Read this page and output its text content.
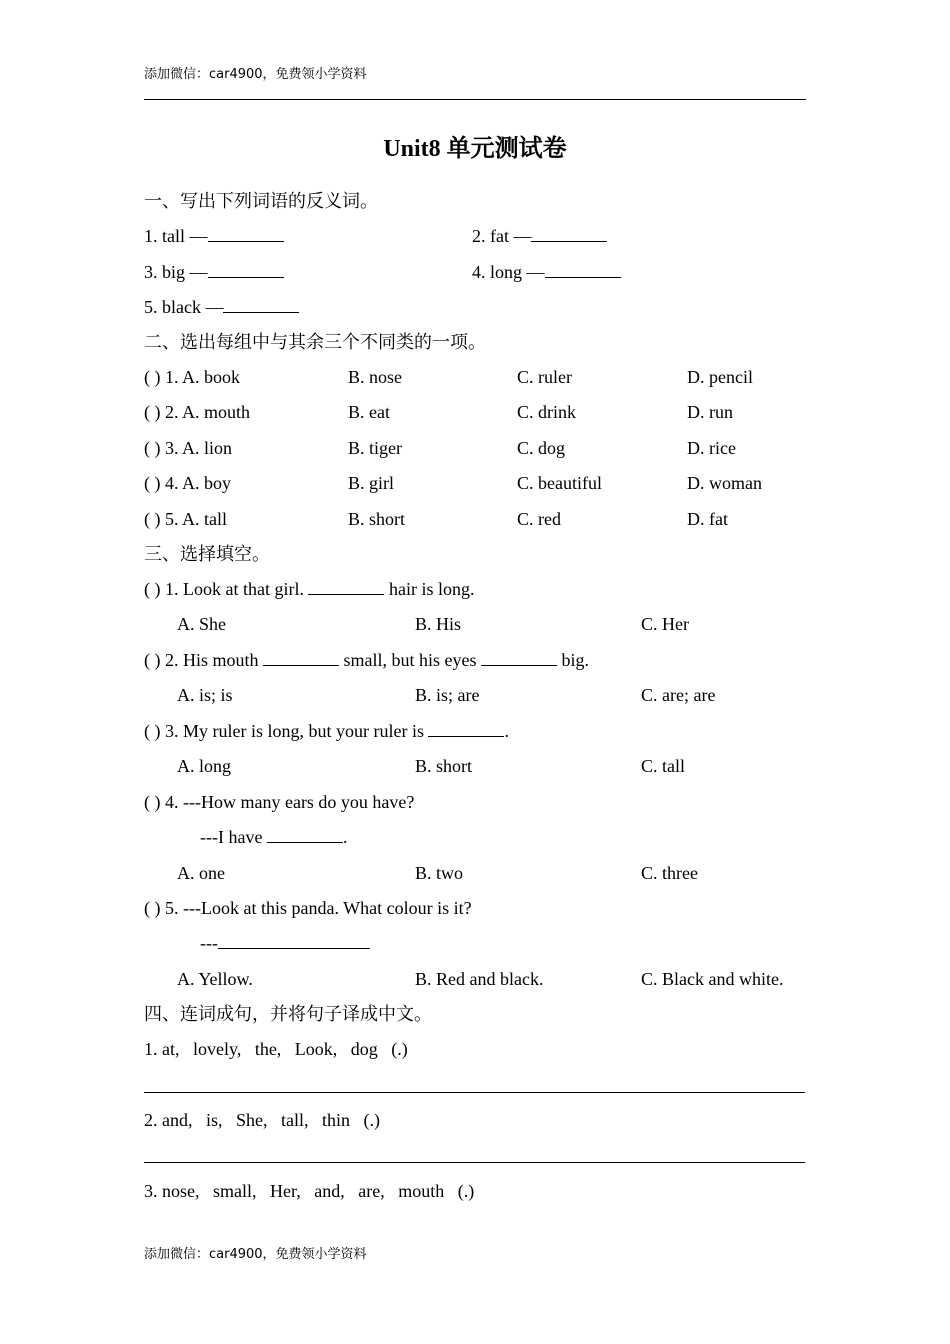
添加微信：car4900，免费领小学资料
Unit8 单元测试卷
一、写出下列词语的反义词。
1. tall —	2. fat —
3. big —	4. long —
5. black —
二、选出每组中与其余三个不同类的一项。
( ) 1. A. book	B. nose	C. ruler	D. pencil
( ) 2. A. mouth	B. eat	C. drink	D. run
( ) 3. A. lion	B. tiger	C. dog	D. rice
( ) 4. A. boy	B. girl	C. beautiful	D. woman
( ) 5. A. tall	B. short	C. red	D. fat
三、选择填空。
( ) 1. Look at that girl.	hair is long.
A. She	B. His	C. Her
( ) 2. His mouth	small, but his eyes	big.
A. is; is	B. is; are	C. are; are
( ) 3. My ruler is long, but your ruler is	.
A. long	B. short	C. tall
( ) 4. ---How many ears do you have?
---I have	.
A. one	B. two	C. three
( ) 5. ---Look at this panda. What colour is it?
---
A. Yellow.	B. Red and black.	C. Black and white.
四、连词成句，并将句子译成中文。
1. at,   lovely,   the,   Look,   dog   (.)
2. and,   is,   She,   tall,   thin   (.)
3. nose,   small,   Her,   and,   are,   mouth   (.)
添加微信：car4900，免费领小学资料
